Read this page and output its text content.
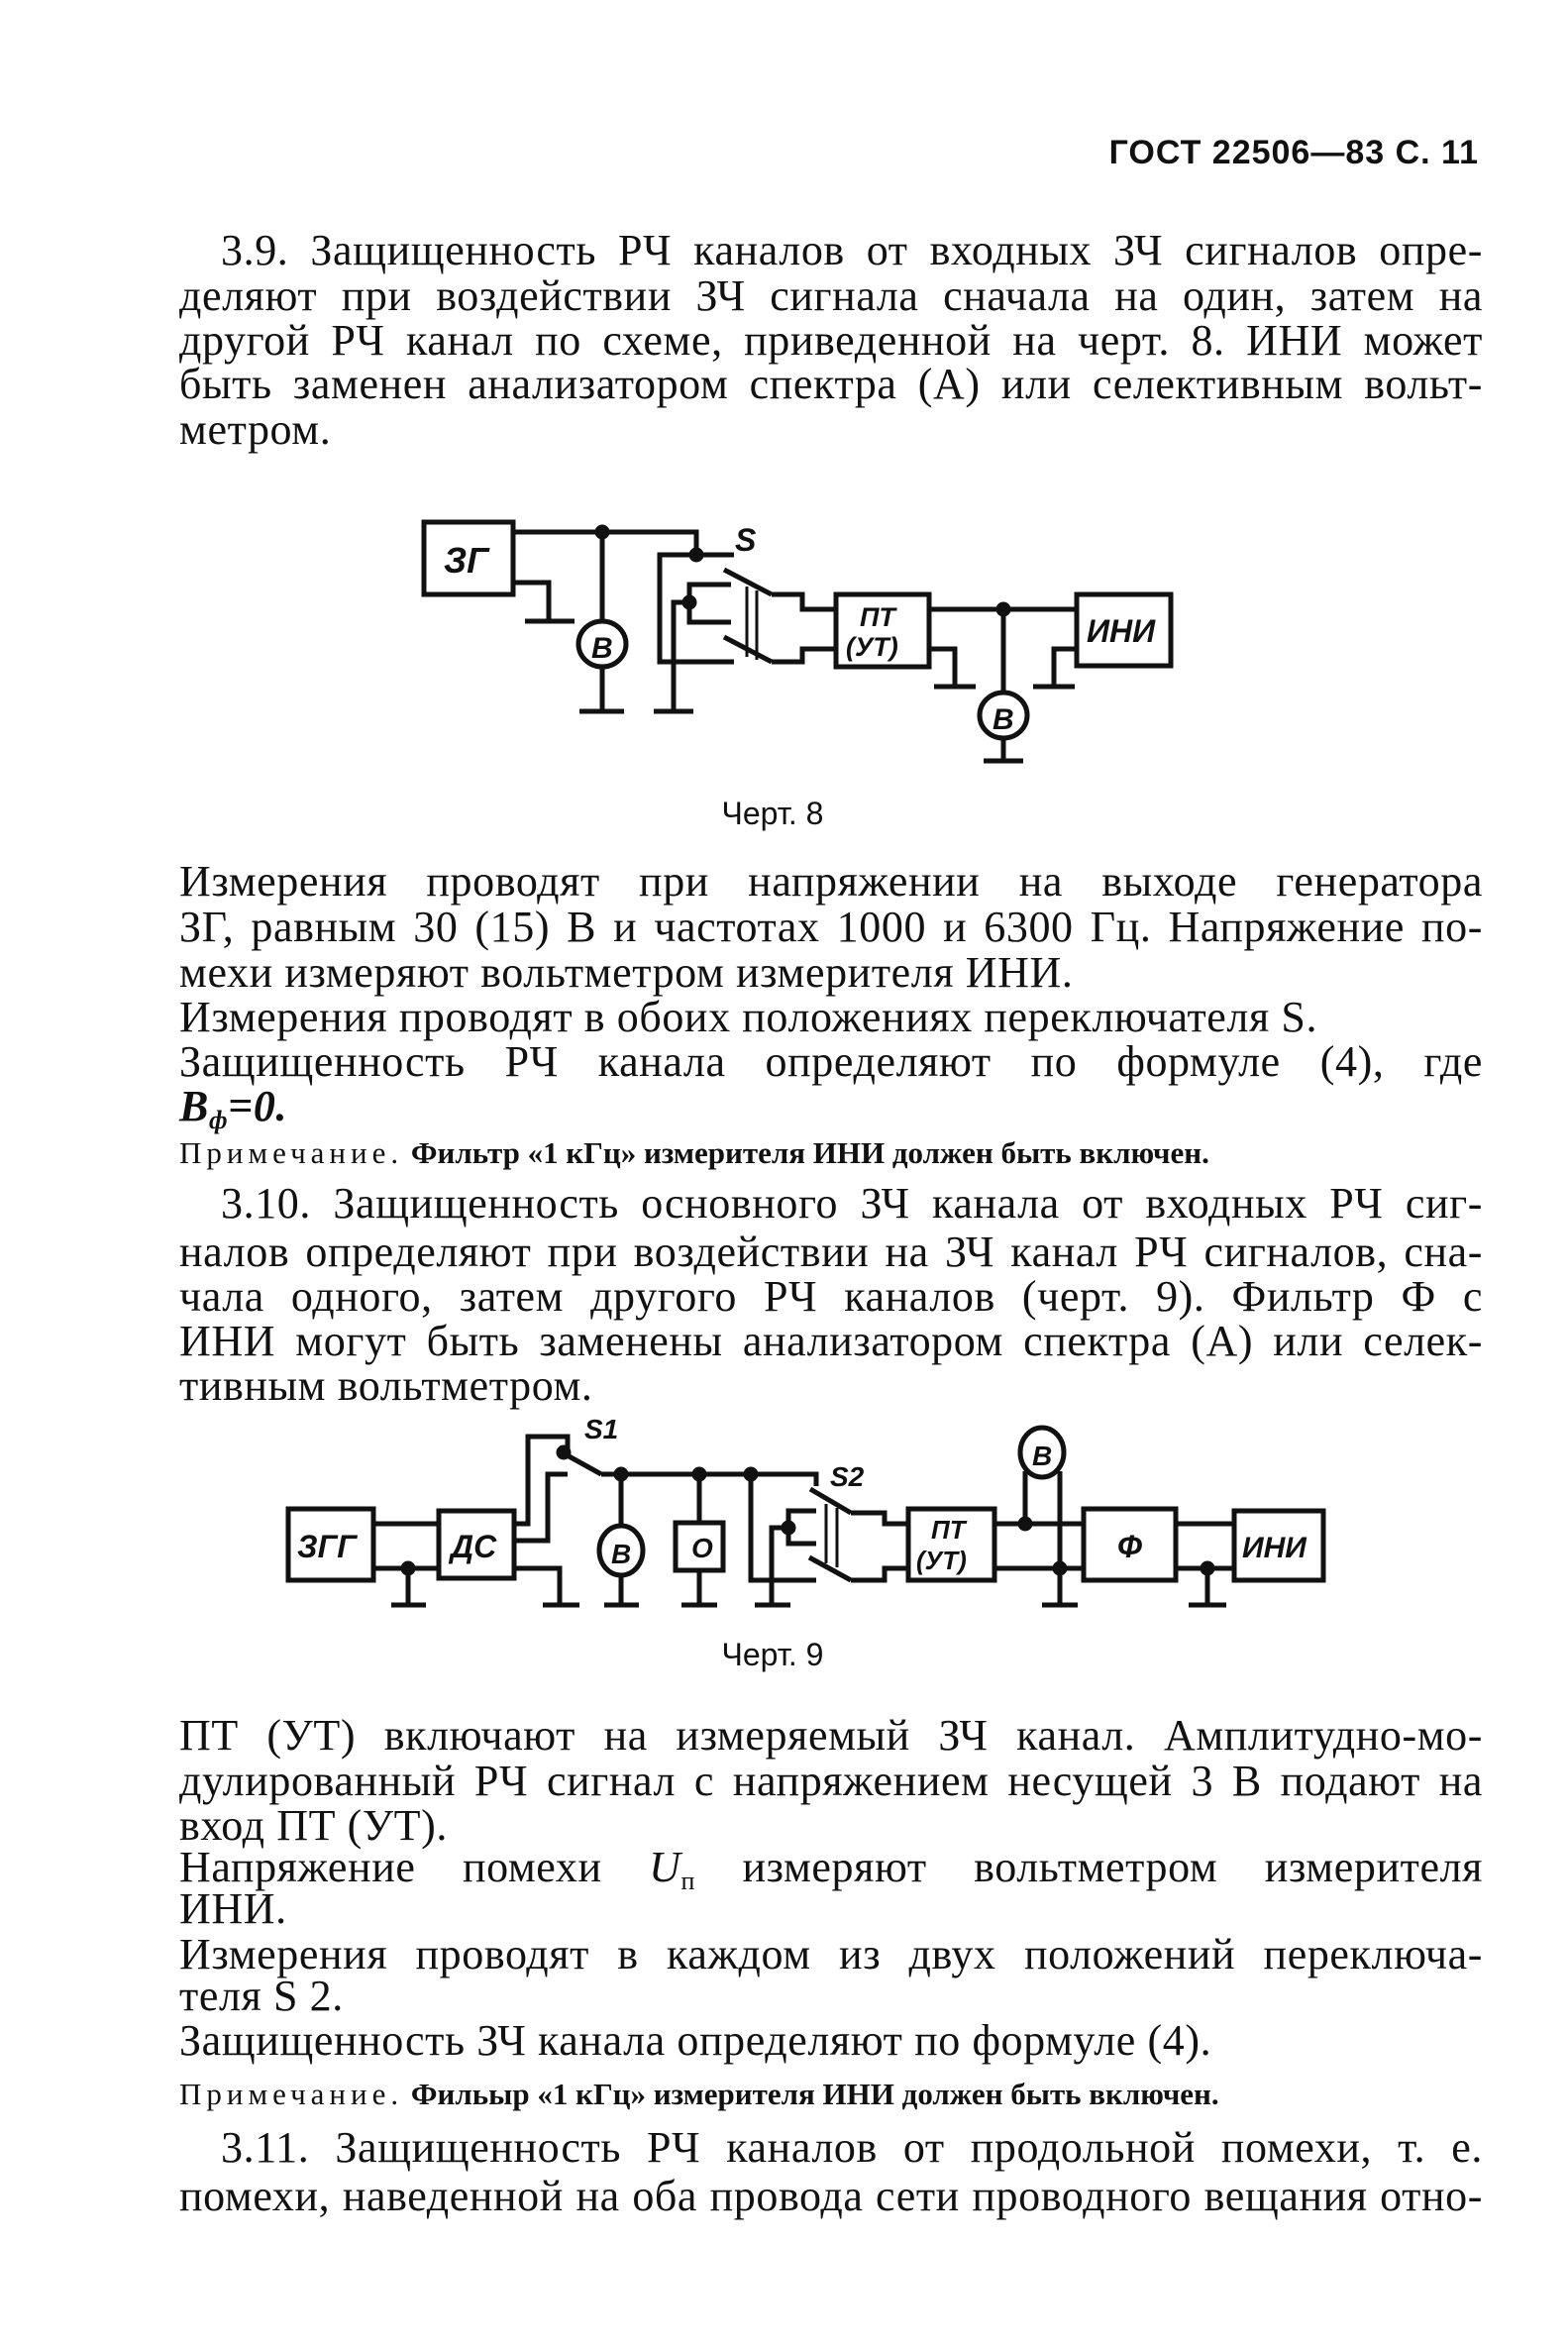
ГОСТ 22506—83 С. 11
3.9. Защищенность РЧ каналов от входных ЗЧ сигналов опре-
деляют при воздействии ЗЧ сигнала сначала на один, затем на
другой РЧ канал по схеме, приведенной на черт. 8. ИНИ может
быть заменен анализатором спектра (А) или селективным вольт-
метром.
ЗГ
В
S
ПТ
(УТ)
В
ИНИ
ЗГГ	ДС
S1
В О
S2
ПТ
(УТ)
В
Ф	ИНИ
Черт. 8
Измерения проводят при напряжении на выходе генератора
ЗГ, равным 30 (15) В и частотах 1000 и 6300 Гц. Напряжение по-
мехи измеряют вольтметром измерителя ИНИ.
Измерения проводят в обоих положениях переключателя S.
Защищенность РЧ канала определяют по формуле (4), где
$В_ф=0$.
Примечание. Фильтр «1 кГц» измерителя ИНИ должен быть включен.
3.10. Защищенность основного ЗЧ канала от входных РЧ сиг-
налов определяют при воздействии на ЗЧ канал РЧ сигналов, сна-
чала одного, затем другого РЧ каналов (черт. 9). Фильтр Ф с
ИНИ могут быть заменены анализатором спектра (А) или селек-
тивным вольтметром.
Черт. 9
ПТ (УТ) включают на измеряемый ЗЧ канал. Амплитудно-мо-
дулированный РЧ сигнал с напряжением несущей 3 В подают на
вход ПТ (УТ).
Напряжение помехи $U_п$ измеряют вольтметром измерителя
ИНИ.
Измерения проводят в каждом из двух положений переключа-
теля S 2.
Защищенность ЗЧ канала определяют по формуле (4).
Примечание. Фильыр «1 кГц» измерителя ИНИ должен быть включен.
3.11. Защищенность РЧ каналов от продольной помехи, т. е.
помехи, наведенной на оба провода сети проводного вещания отно-
